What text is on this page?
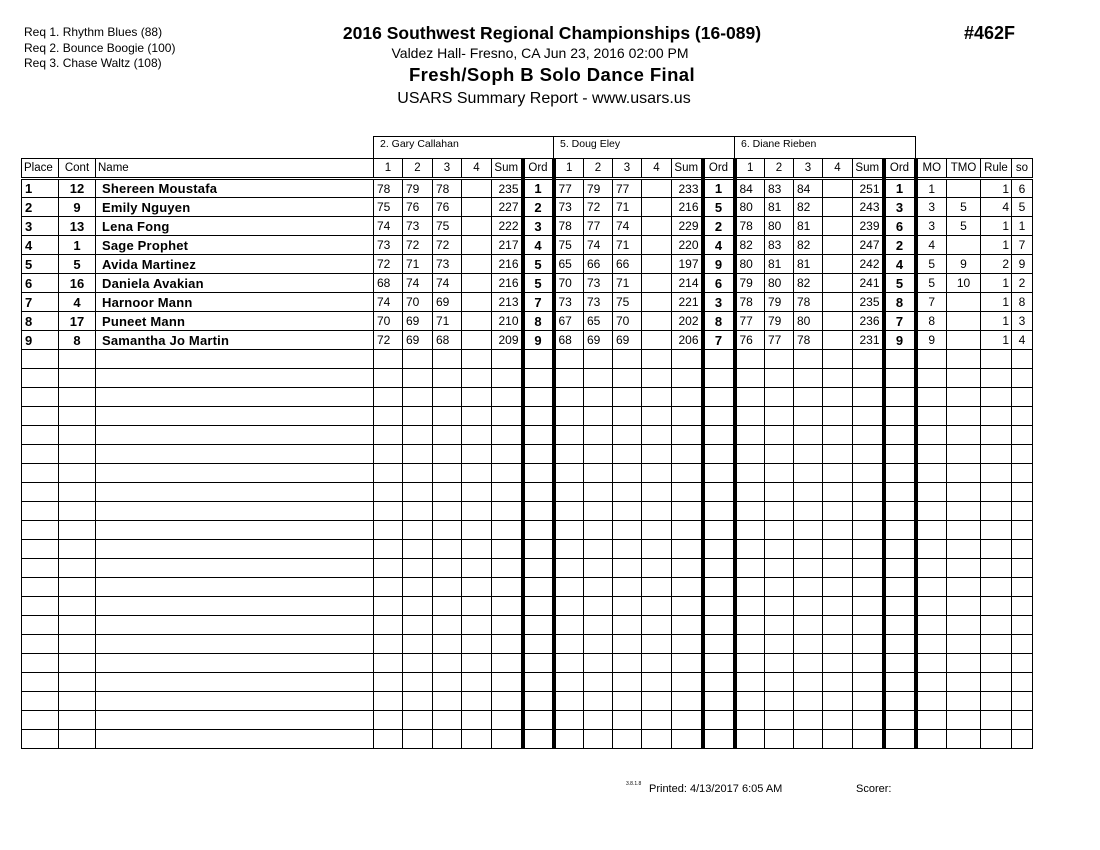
Req 1. Rhythm Blues (88)
Req 2. Bounce Boogie (100)
Req 3. Chase Waltz (108)
2016 Southwest Regional Championships (16-089)
Valdez Hall- Fresno, CA Jun 23, 2016 02:00 PM
Fresh/Soph B Solo Dance Final
USARS Summary Report - www.usars.us
#462F
2. Gary Callahan	5. Doug Eley	6. Diane Rieben
Place	Cont	Name	1	2	3	4	Sum	Ord	1	2	3	4	Sum	Ord	1	2	3	4	Sum	Ord	MO	TMO	Rule	so
1	12	Shereen Moustafa	78	79	78		235	1	77	79	77		233	1	84	83	84		251	1	1		1	6
2	9	Emily Nguyen	75	76	76		227	2	73	72	71		216	5	80	81	82		243	3	3	5	4	5
3	13	Lena Fong	74	73	75		222	3	78	77	74		229	2	78	80	81		239	6	3	5	1	1
4	1	Sage Prophet	73	72	72		217	4	75	74	71		220	4	82	83	82		247	2	4		1	7
5	5	Avida Martinez	72	71	73		216	5	65	66	66		197	9	80	81	81		242	4	5	9	2	9
6	16	Daniela Avakian	68	74	74		216	5	70	73	71		214	6	79	80	82		241	5	5	10	1	2
7	4	Harnoor Mann	74	70	69		213	7	73	73	75		221	3	78	79	78		235	8	7		1	8
8	17	Puneet Mann	70	69	71		210	8	67	65	70		202	8	77	79	80		236	7	8		1	3
9	8	Samantha Jo Martin	72	69	68		209	9	68	69	69		206	7	76	77	78		231	9	9		1	4

3.8.1.8 Printed: 4/13/2017 6:05 AM	Scorer:
